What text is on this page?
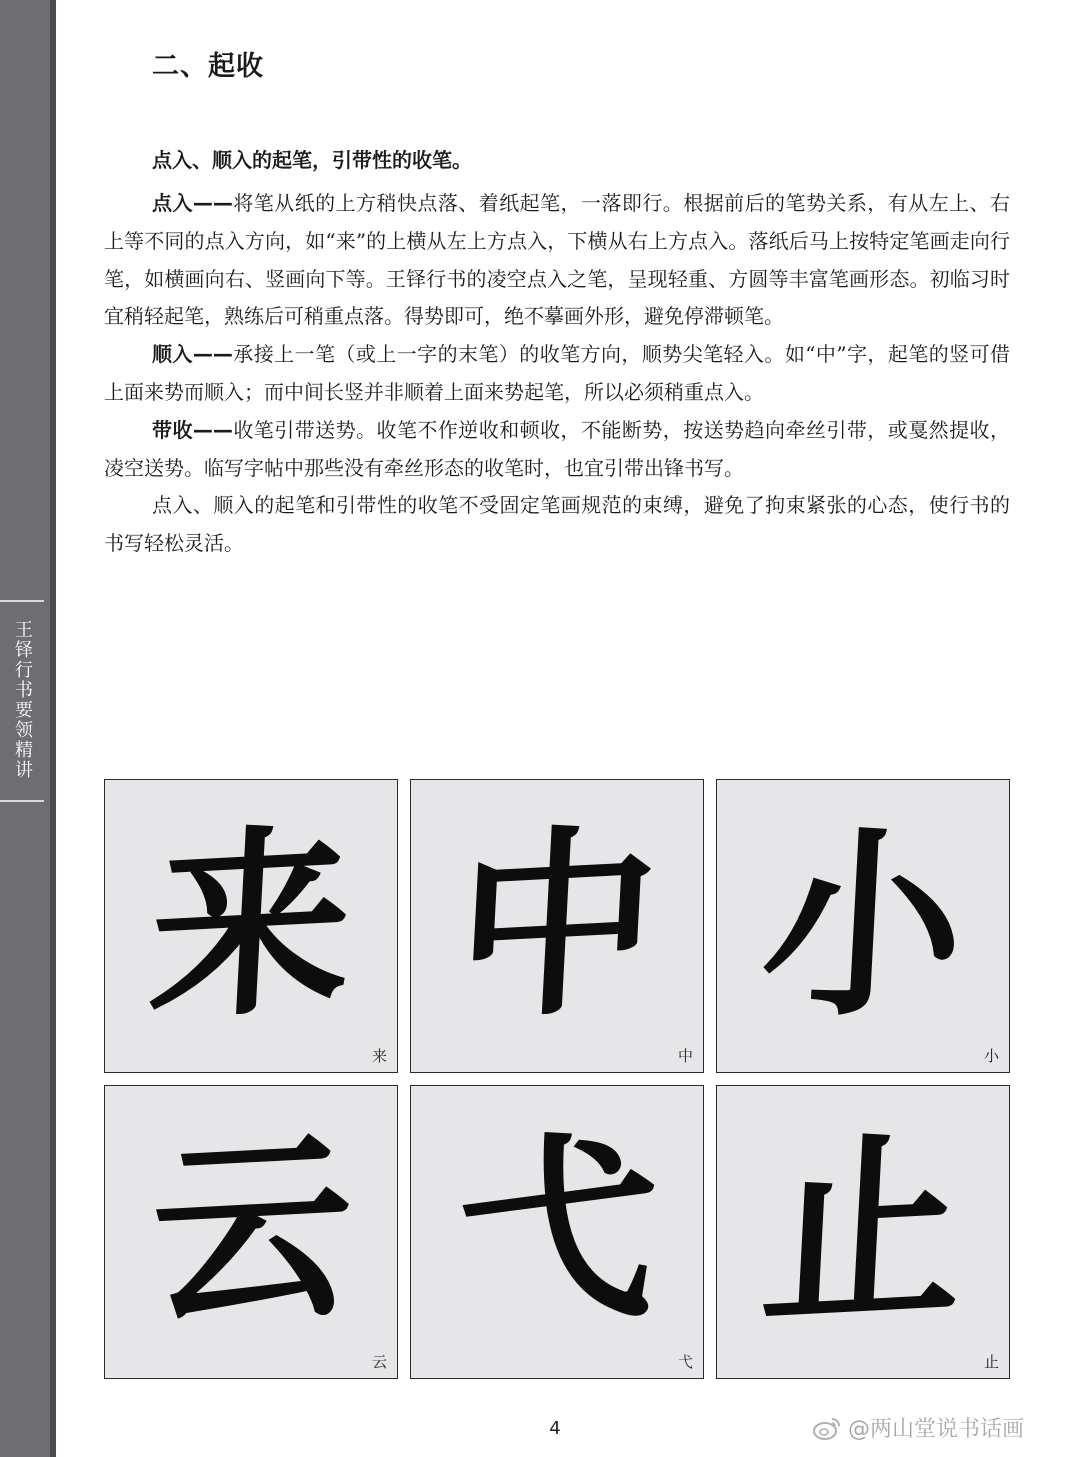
王铎行书要领精讲
二、起收

点入、顺入的起笔，引带性的收笔。

点入——将笔从纸的上方稍快点落、着纸起笔，一落即行。根据前后的笔势关系，有从左上、右上等不同的点入方向，如“来”的上横从左上方点入，下横从右上方点入。落纸后马上按特定笔画走向行笔，如横画向右、竖画向下等。王铎行书的凌空点入之笔，呈现轻重、方圆等丰富笔画形态。初临习时宜稍轻起笔，熟练后可稍重点落。得势即可，绝不摹画外形，避免停滞顿笔。

顺入——承接上一笔（或上一字的末笔）的收笔方向，顺势尖笔轻入。如“中”字，起笔的竖可借上面来势而顺入；而中间长竖并非顺着上面来势起笔，所以必须稍重点入。

带收——收笔引带送势。收笔不作逆收和顿收，不能断势，按送势趋向牵丝引带，或戛然提收，凌空送势。临写字帖中那些没有牵丝形态的收笔时，也宜引带出锋书写。

点入、顺入的起笔和引带性的收笔不受固定笔画规范的束缚，避免了拘束紧张的心态，使行书的书写轻松灵活。

来
来
中
中
小
小
云
云
弋
弋
止
止
4	@两山堂说书话画
